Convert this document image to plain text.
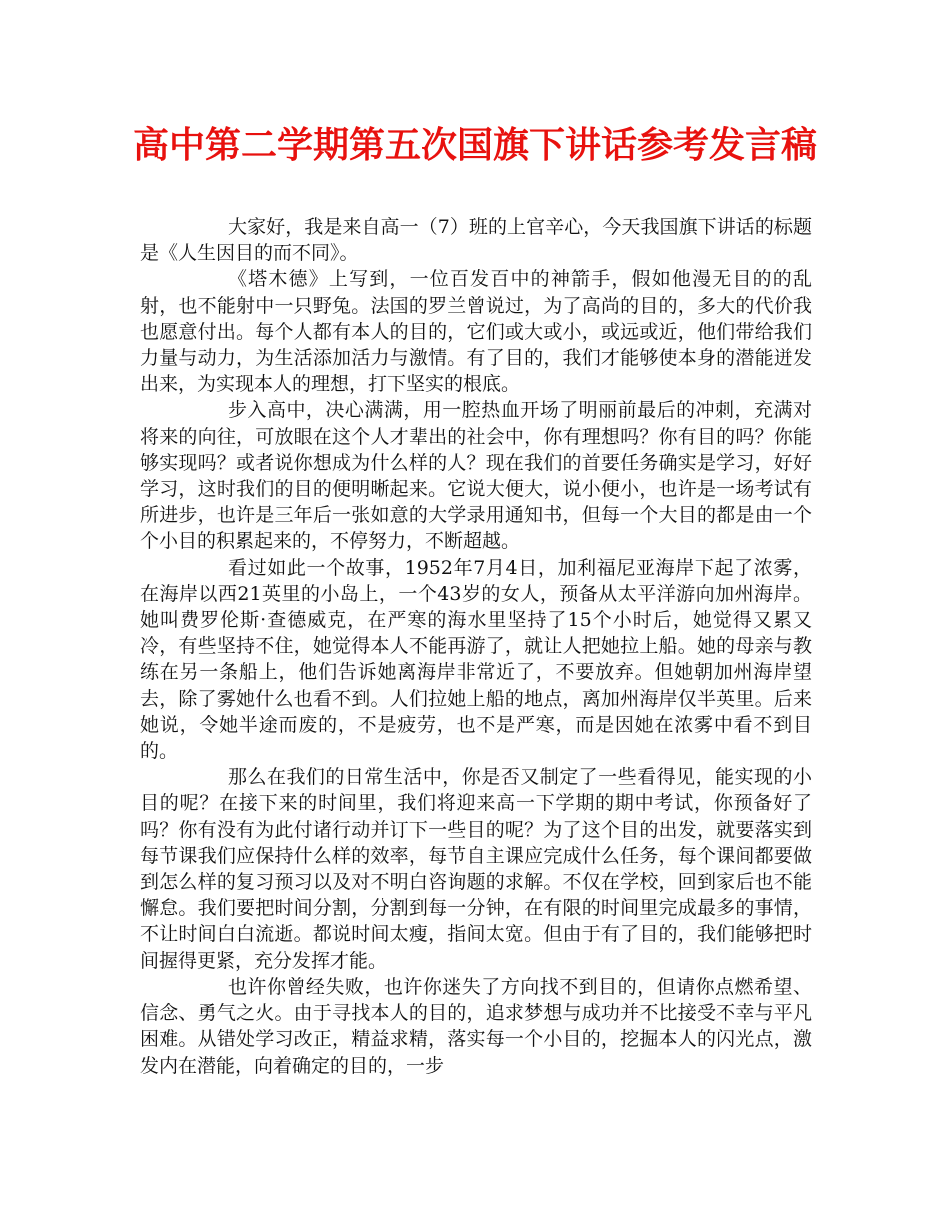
高中第二学期第五次国旗下讲话参考发言稿

大家好，我是来自高一（7）班的上官辛心，今天我国旗下讲话的标题是《人生因目的而不同》。

《塔木德》上写到，一位百发百中的神箭手，假如他漫无目的的乱射，也不能射中一只野兔。法国的罗兰曾说过，为了高尚的目的，多大的代价我也愿意付出。每个人都有本人的目的，它们或大或小，或远或近，他们带给我们力量与动力，为生活添加活力与激情。有了目的，我们才能够使本身的潜能迸发出来，为实现本人的理想，打下坚实的根底。

步入高中，决心满满，用一腔热血开场了明丽前最后的冲刺，充满对将来的向往，可放眼在这个人才辈出的社会中，你有理想吗？你有目的吗？你能够实现吗？或者说你想成为什么样的人？现在我们的首要任务确实是学习，好好学习，这时我们的目的便明晰起来。它说大便大，说小便小，也许是一场考试有所进步，也许是三年后一张如意的大学录用通知书，但每一个大目的都是由一个个小目的积累起来的，不停努力，不断超越。

看过如此一个故事，1952年7月4日，加利福尼亚海岸下起了浓雾，在海岸以西21英里的小岛上，一个43岁的女人，预备从太平洋游向加州海岸。她叫费罗伦斯·查德威克，在严寒的海水里坚持了15个小时后，她觉得又累又冷，有些坚持不住，她觉得本人不能再游了，就让人把她拉上船。她的母亲与教练在另一条船上，他们告诉她离海岸非常近了，不要放弃。但她朝加州海岸望去，除了雾她什么也看不到。人们拉她上船的地点，离加州海岸仅半英里。后来她说，令她半途而废的，不是疲劳，也不是严寒，而是因她在浓雾中看不到目的。

那么在我们的日常生活中，你是否又制定了一些看得见，能实现的小目的呢？在接下来的时间里，我们将迎来高一下学期的期中考试，你预备好了吗？你有没有为此付诸行动并订下一些目的呢？为了这个目的出发，就要落实到每节课我们应保持什么样的效率，每节自主课应完成什么任务，每个课间都要做到怎么样的复习预习以及对不明白咨询题的求解。不仅在学校，回到家后也不能懈怠。我们要把时间分割，分割到每一分钟，在有限的时间里完成最多的事情，不让时间白白流逝。都说时间太瘦，指间太宽。但由于有了目的，我们能够把时间握得更紧，充分发挥才能。

也许你曾经失败，也许你迷失了方向找不到目的，但请你点燃希望、信念、勇气之火。由于寻找本人的目的，追求梦想与成功并不比接受不幸与平凡困难。从错处学习改正，精益求精，落实每一个小目的，挖掘本人的闪光点，激发内在潜能，向着确定的目的，一步
